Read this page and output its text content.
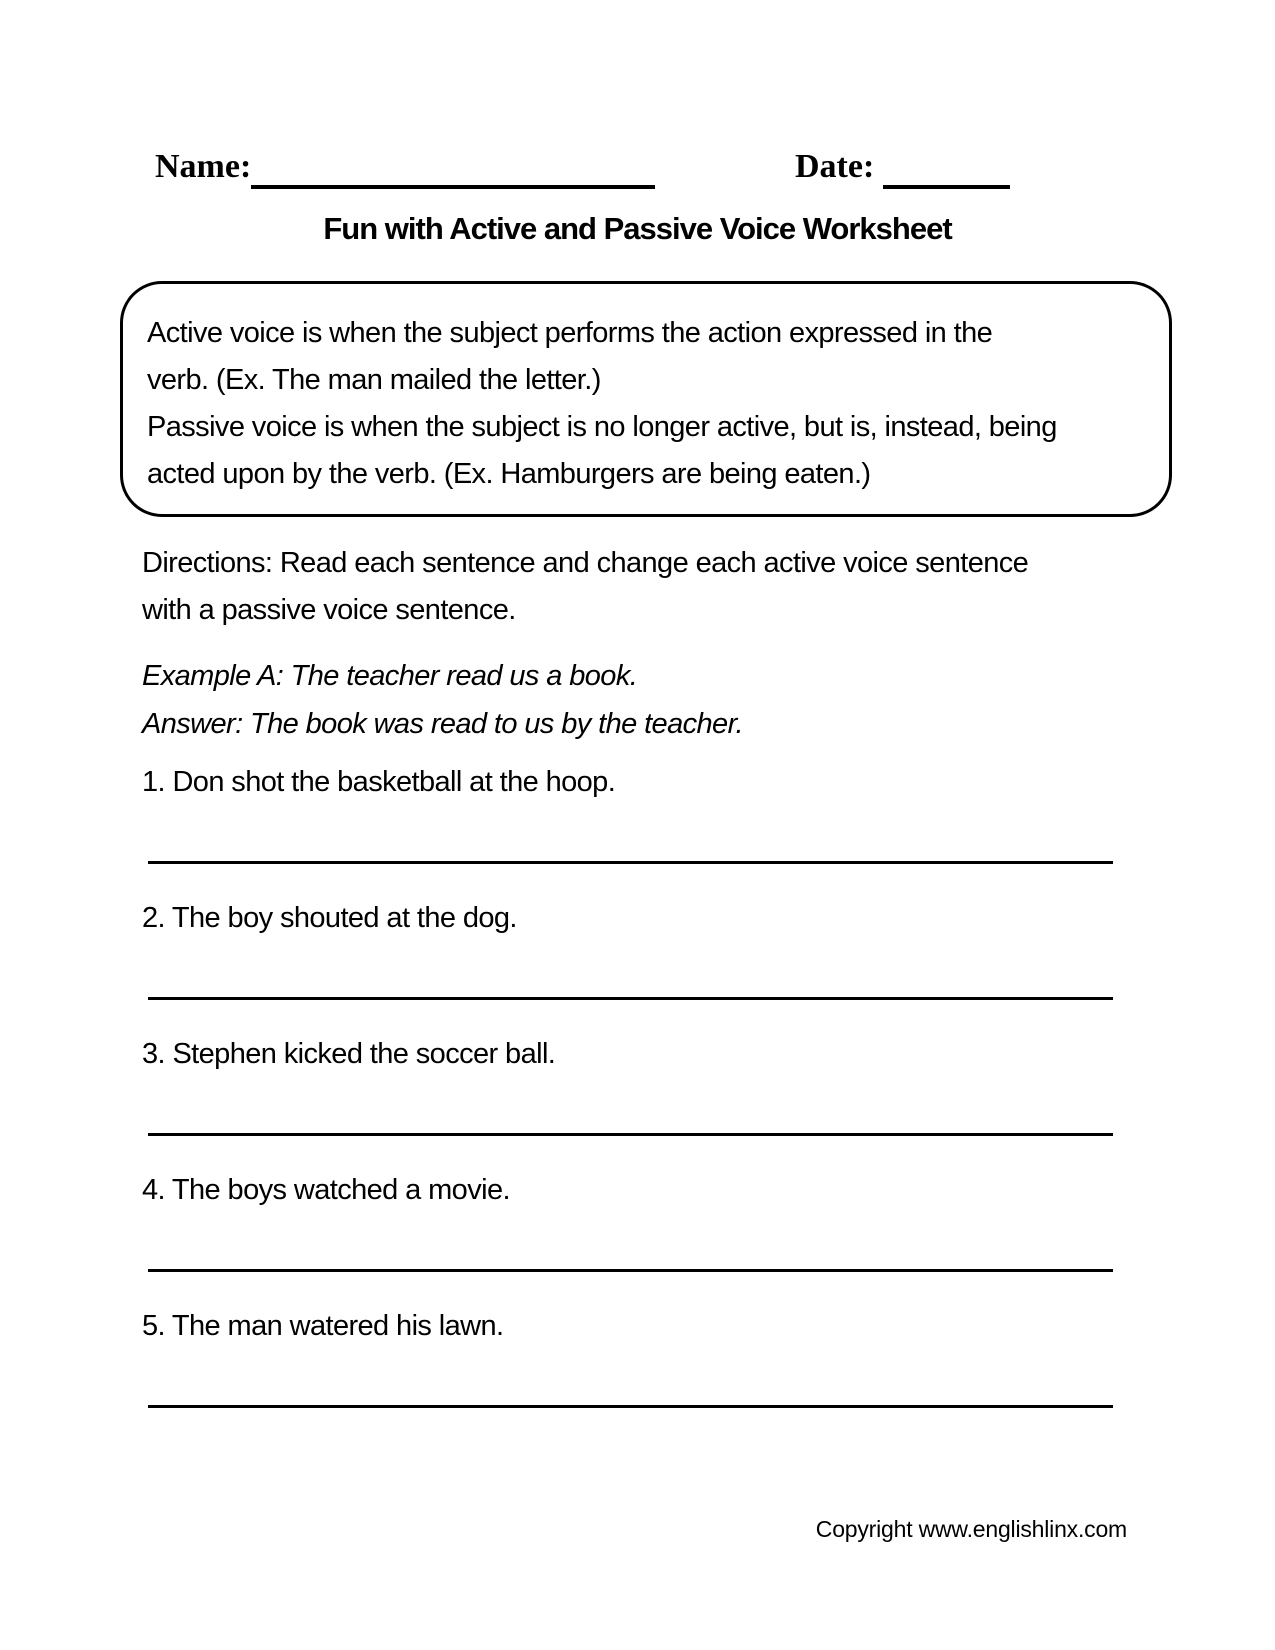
Name:	Date:
Fun with Active and Passive Voice Worksheet
Active voice is when the subject performs the action expressed in the
verb. (Ex. The man mailed the letter.)
Passive voice is when the subject is no longer active, but is, instead, being
acted upon by the verb. (Ex. Hamburgers are being eaten.)
Directions: Read each sentence and change each active voice sentence
with a passive voice sentence.
Example A: The teacher read us a book.
Answer: The book was read to us by the teacher.
1. Don shot the basketball at the hoop.
2. The boy shouted at the dog.
3. Stephen kicked the soccer ball.
4. The boys watched a movie.
5. The man watered his lawn.
Copyright www.englishlinx.com
